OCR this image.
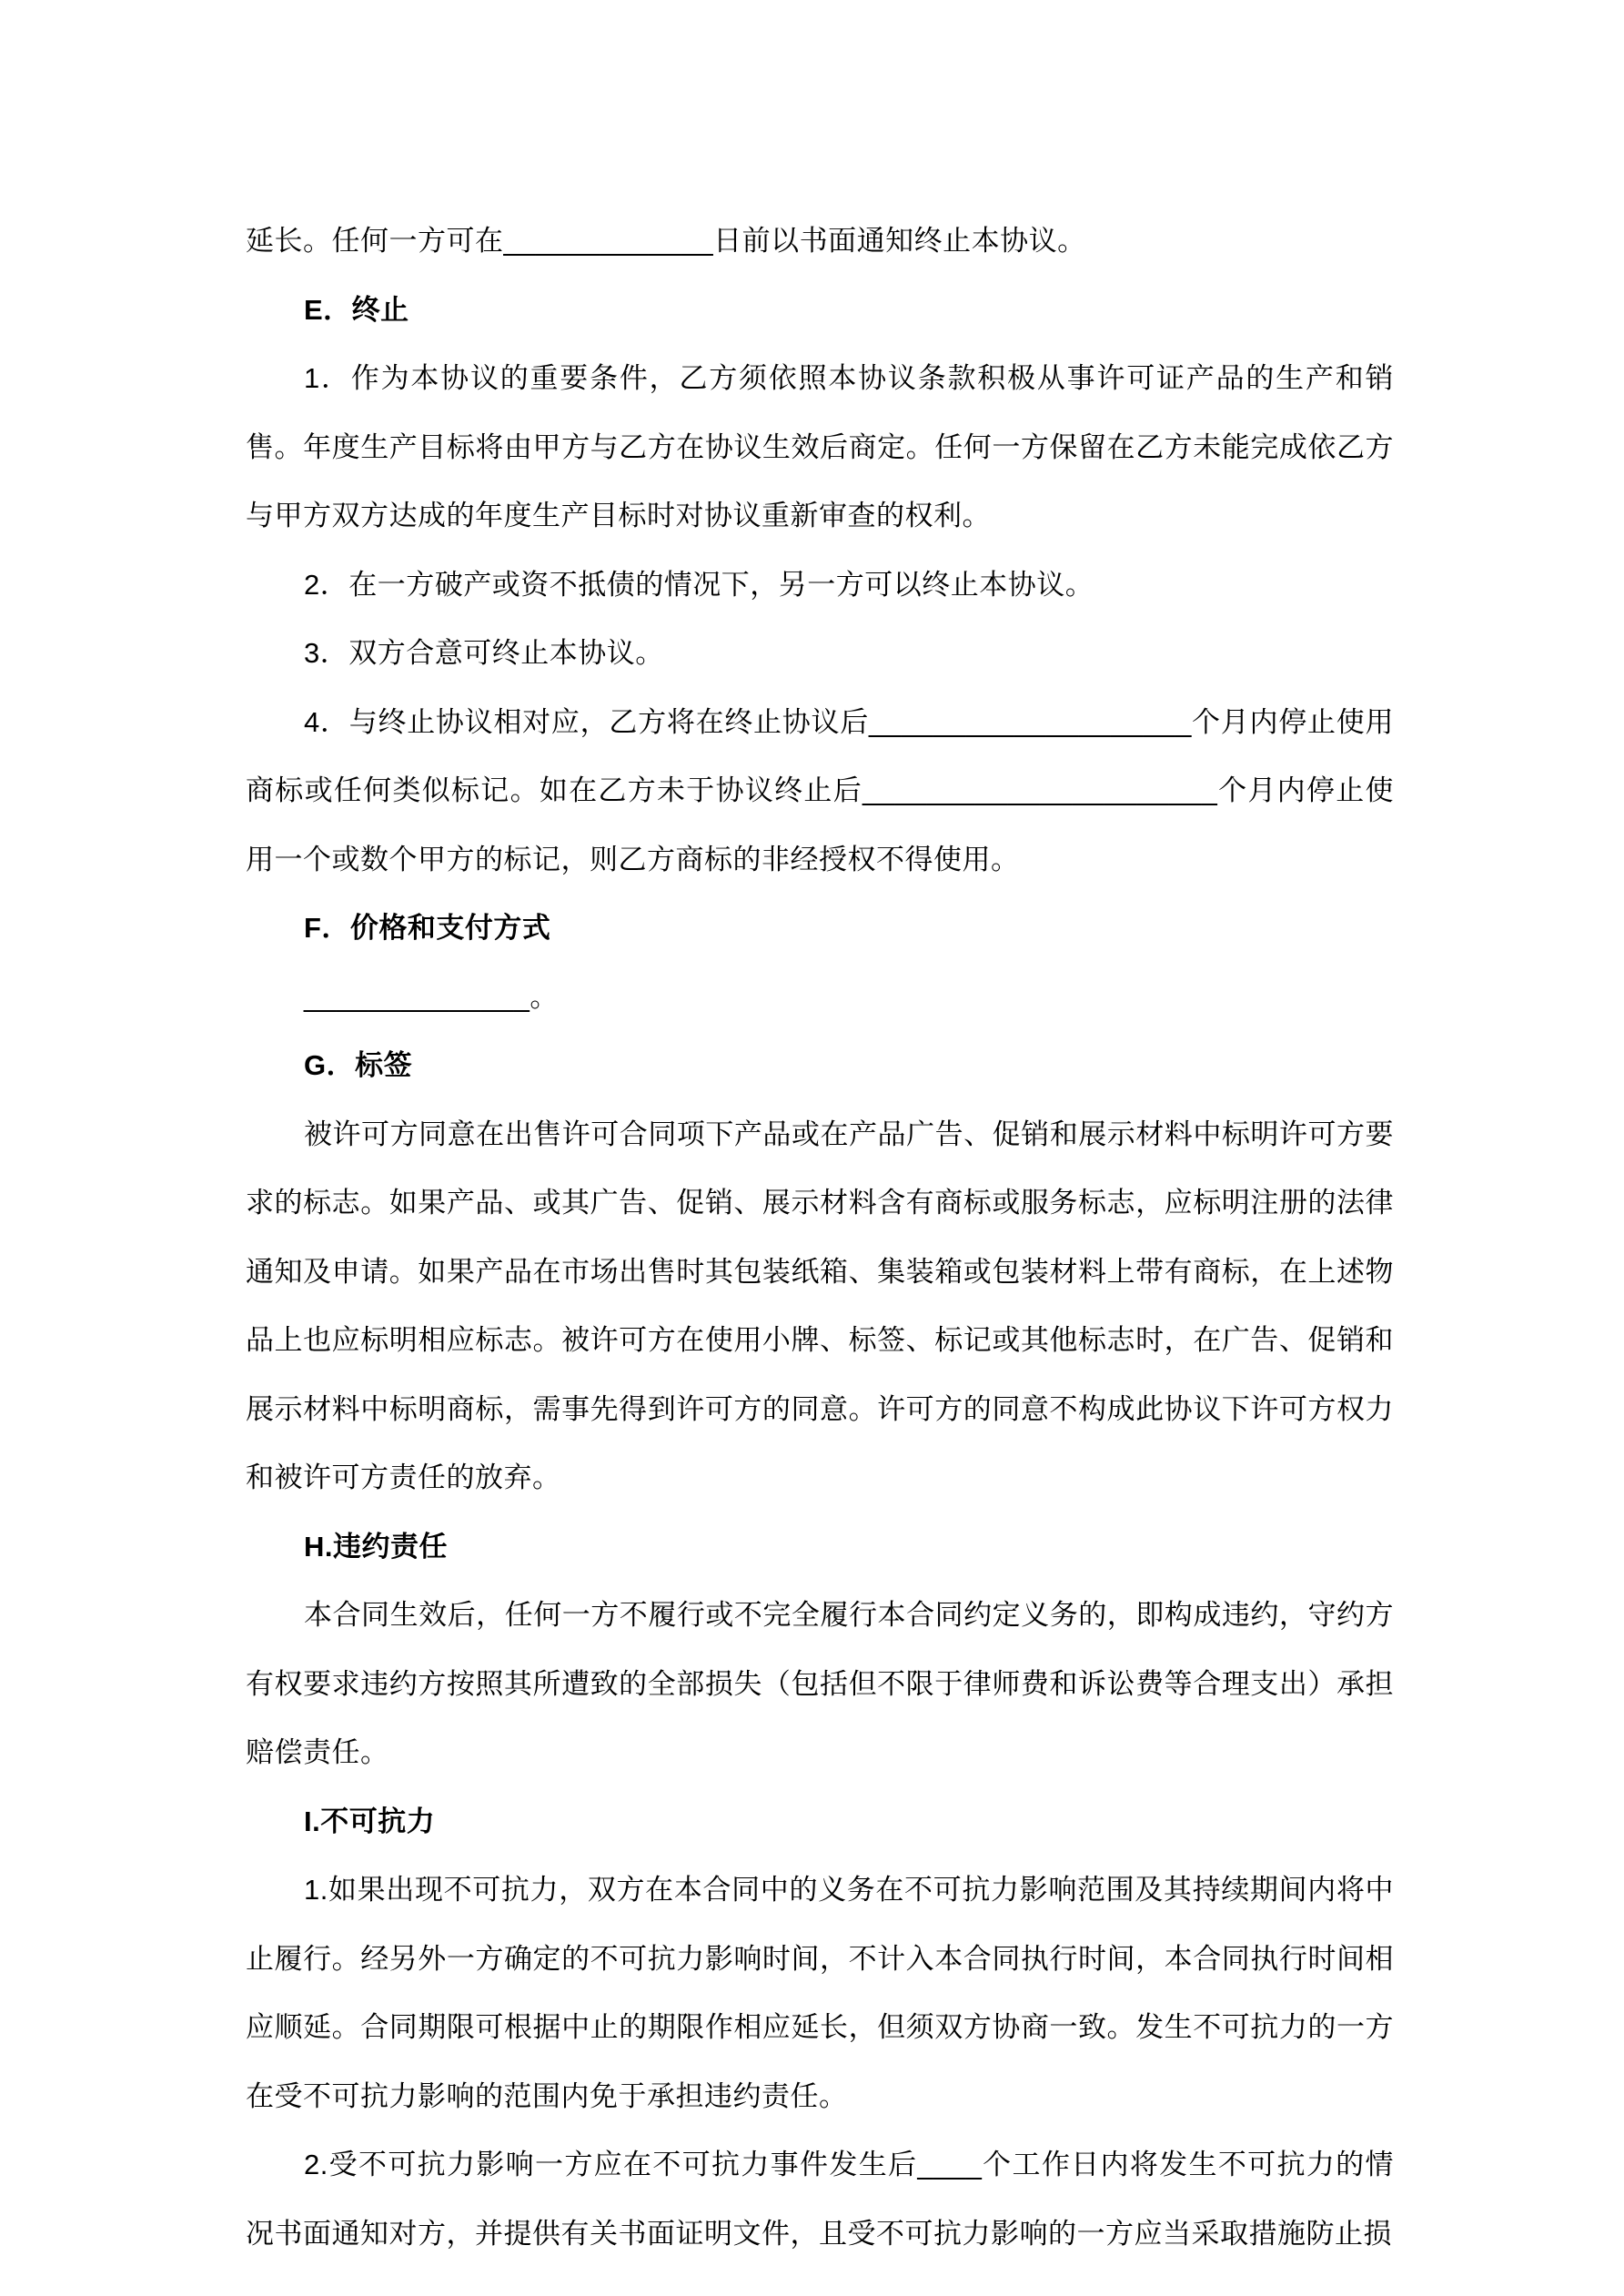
延长。任何一方可在_____________日前以书面通知终止本协议。

E．终止

1．作为本协议的重要条件，乙方须依照本协议条款积极从事许可证产品的生产和销售。年度生产目标将由甲方与乙方在协议生效后商定。任何一方保留在乙方未能完成依乙方与甲方双方达成的年度生产目标时对协议重新审查的权利。

2．在一方破产或资不抵债的情况下，另一方可以终止本协议。

3．双方合意可终止本协议。

4．与终止协议相对应，乙方将在终止协议后____________________个月内停止使用商标或任何类似标记。如在乙方未于协议终止后______________________个月内停止使用一个或数个甲方的标记，则乙方商标的非经授权不得使用。

F．价格和支付方式

______________。

G．标签

被许可方同意在出售许可合同项下产品或在产品广告、促销和展示材料中标明许可方要求的标志。如果产品、或其广告、促销、展示材料含有商标或服务标志，应标明注册的法律通知及申请。如果产品在市场出售时其包装纸箱、集装箱或包装材料上带有商标，在上述物品上也应标明相应标志。被许可方在使用小牌、标签、标记或其他标志时，在广告、促销和展示材料中标明商标，需事先得到许可方的同意。许可方的同意不构成此协议下许可方权力和被许可方责任的放弃。

H.违约责任

本合同生效后，任何一方不履行或不完全履行本合同约定义务的，即构成违约，守约方有权要求违约方按照其所遭致的全部损失（包括但不限于律师费和诉讼费等合理支出）承担赔偿责任。

I.不可抗力

1.如果出现不可抗力，双方在本合同中的义务在不可抗力影响范围及其持续期间内将中止履行。经另外一方确定的不可抗力影响时间，不计入本合同执行时间，本合同执行时间相应顺延。合同期限可根据中止的期限作相应延长，但须双方协商一致。发生不可抗力的一方在受不可抗力影响的范围内免于承担违约责任。

2.受不可抗力影响一方应在不可抗力事件发生后____个工作日内将发生不可抗力的情况书面通知对方，并提供有关书面证明文件，且受不可抗力影响的一方应当采取措施防止损
